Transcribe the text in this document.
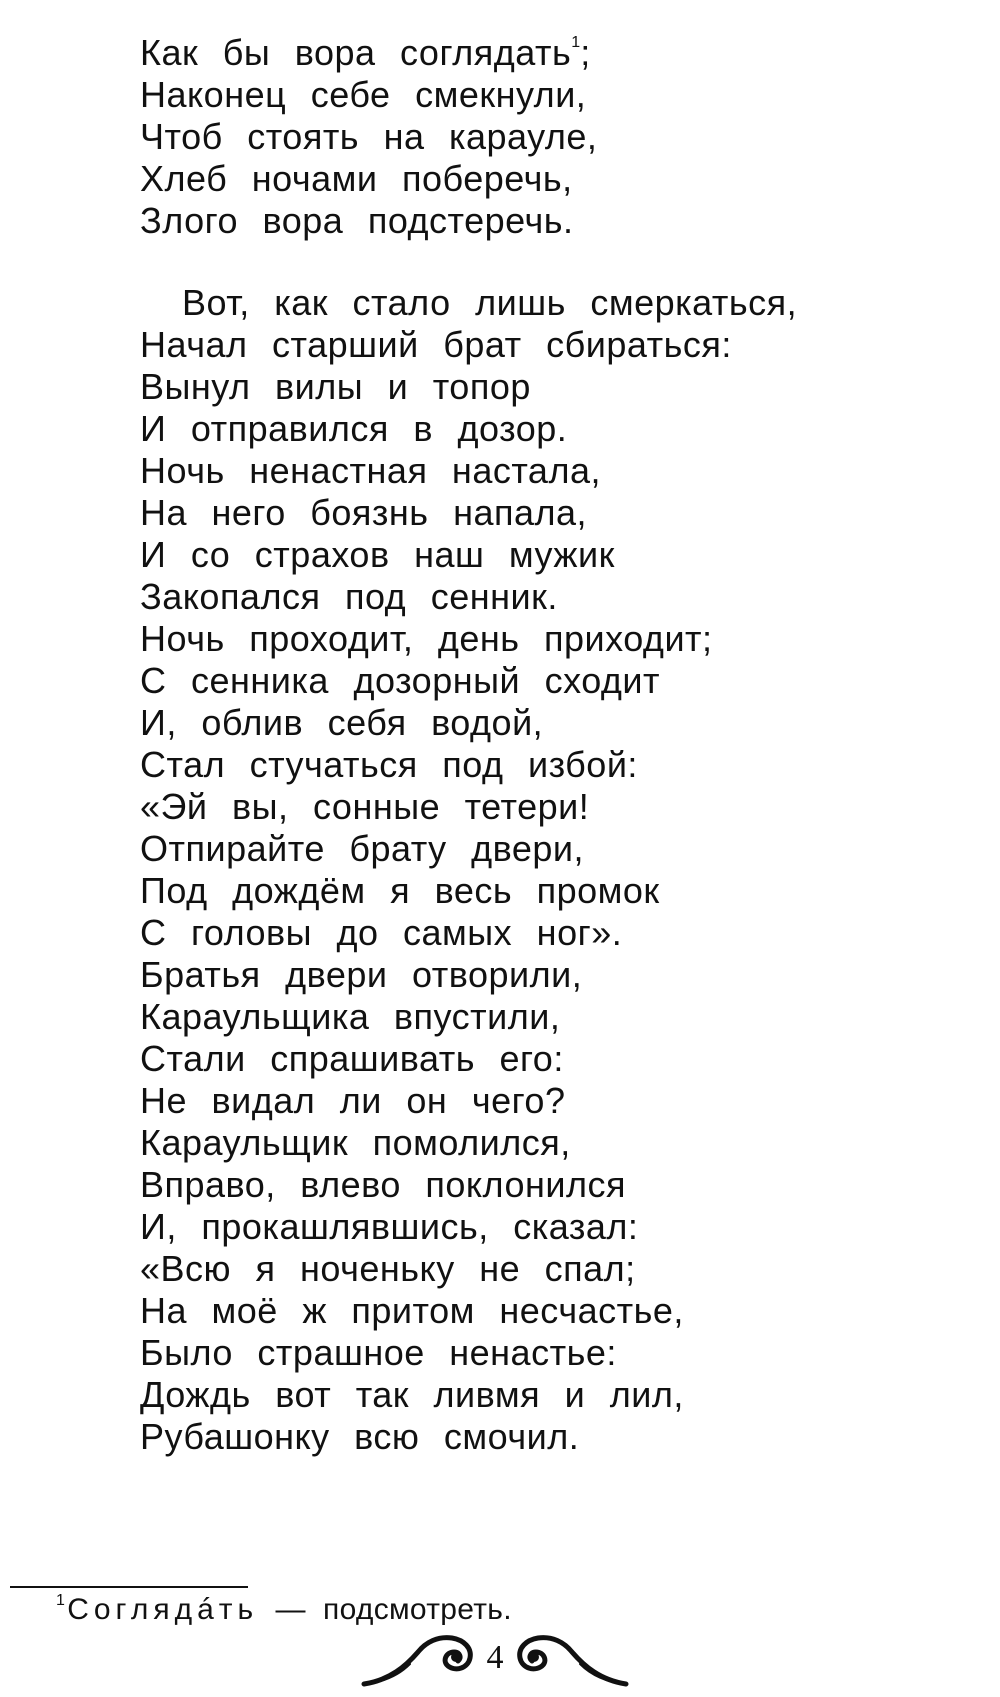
Как бы вора соглядать$^1$;
Наконец себе смекнули,
Чтоб стоять на карауле,
Хлеб ночами поберечь,
Злого вора подстеречь.
Вот, как стало лишь смеркаться,
Начал старший брат сбираться:
Вынул вилы и топор
И отправился в дозор.
Ночь ненастная настала,
На него боязнь напала,
И со страхов наш мужик
Закопался под сенник.
Ночь проходит, день приходит;
С сенника дозорный сходит
И, облив себя водой,
Стал стучаться под избой:
«Эй вы, сонные тетери!
Отпирайте брату двери,
Под дождём я весь промок
С головы до самых ног».
Братья двери отворили,
Караульщика впустили,
Стали спрашивать его:
Не видал ли он чего?
Караульщик помолился,
Вправо, влево поклонился
И, прокашлявшись, сказал:
«Всю я ноченьку не спал;
На моё ж притом несчастье,
Было страшное ненастье:
Дождь вот так ливмя и лил,
Рубашонку всю смочил.
$^1$Соглядáть — подсмотреть.
4
